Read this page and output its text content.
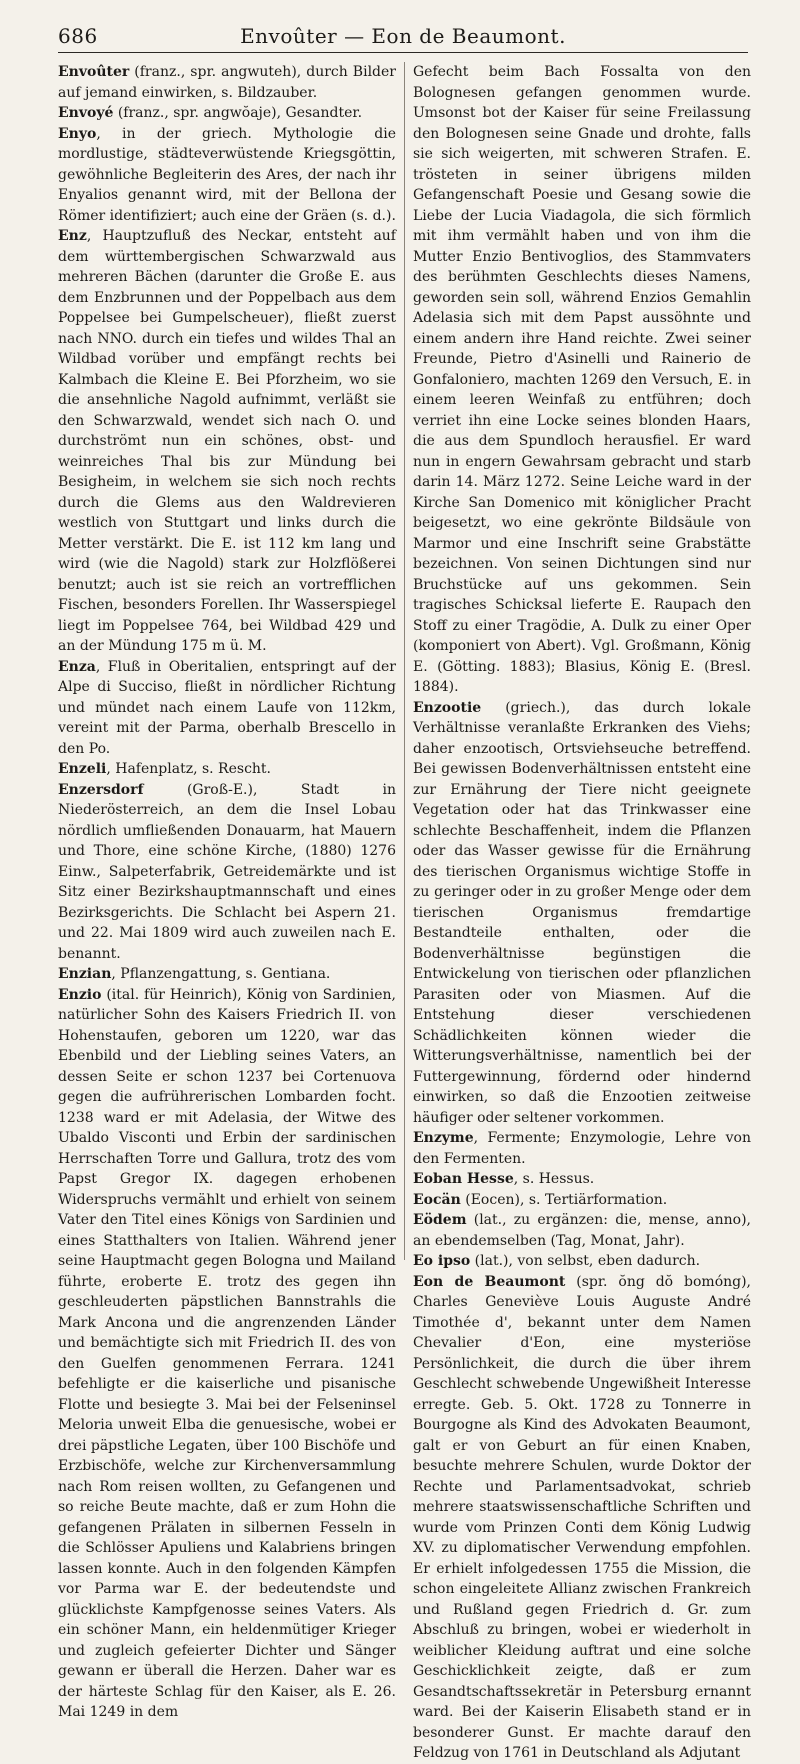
686	Envoûter — Eon de Beaumont.

Envoûter (franz., spr. angwuteh), durch Bilder auf jemand einwirken, s. Bildzauber.

Envoyé (franz., spr. angwŏaje), Gesandter.

Enyo, in der griech. Mythologie die mordlustige, städteverwüstende Kriegsgöttin, gewöhnliche Begleiterin des Ares, der nach ihr Enyalios genannt wird, mit der Bellona der Römer identifiziert; auch eine der Gräen (s. d.).

Enz, Hauptzufluß des Neckar, entsteht auf dem württembergischen Schwarzwald aus mehreren Bächen (darunter die Große E. aus dem Enzbrunnen und der Poppelbach aus dem Poppelsee bei Gumpelscheuer), fließt zuerst nach NNO. durch ein tiefes und wildes Thal an Wildbad vorüber und empfängt rechts bei Kalmbach die Kleine E. Bei Pforzheim, wo sie die ansehnliche Nagold aufnimmt, verläßt sie den Schwarzwald, wendet sich nach O. und durchströmt nun ein schönes, obst- und weinreiches Thal bis zur Mündung bei Besigheim, in welchem sie sich noch rechts durch die Glems aus den Waldrevieren westlich von Stuttgart und links durch die Metter verstärkt. Die E. ist 112 km lang und wird (wie die Nagold) stark zur Holzflößerei benutzt; auch ist sie reich an vortrefflichen Fischen, besonders Forellen. Ihr Wasserspiegel liegt im Poppelsee 764, bei Wildbad 429 und an der Mündung 175 m ü. M.

Enza, Fluß in Oberitalien, entspringt auf der Alpe di Succiso, fließt in nördlicher Richtung und mündet nach einem Laufe von 112km, vereint mit der Parma, oberhalb Brescello in den Po.

Enzeli, Hafenplatz, s. Rescht.

Enzersdorf (Groß-E.), Stadt in Niederösterreich, an dem die Insel Lobau nördlich umfließenden Donauarm, hat Mauern und Thore, eine schöne Kirche, (1880) 1276 Einw., Salpeterfabrik, Getreidemärkte und ist Sitz einer Bezirkshauptmannschaft und eines Bezirksgerichts. Die Schlacht bei Aspern 21. und 22. Mai 1809 wird auch zuweilen nach E. benannt.

Enzian, Pflanzengattung, s. Gentiana.

Enzio (ital. für Heinrich), König von Sardinien, natürlicher Sohn des Kaisers Friedrich II. von Hohenstaufen, geboren um 1220, war das Ebenbild und der Liebling seines Vaters, an dessen Seite er schon 1237 bei Cortenuova gegen die aufrührerischen Lombarden focht. 1238 ward er mit Adelasia, der Witwe des Ubaldo Visconti und Erbin der sardinischen Herrschaften Torre und Gallura, trotz des vom Papst Gregor IX. dagegen erhobenen Widerspruchs vermählt und erhielt von seinem Vater den Titel eines Königs von Sardinien und eines Statthalters von Italien. Während jener seine Hauptmacht gegen Bologna und Mailand führte, eroberte E. trotz des gegen ihn geschleuderten päpstlichen Bannstrahls die Mark Ancona und die angrenzenden Länder und bemächtigte sich mit Friedrich II. des von den Guelfen genommenen Ferrara. 1241 befehligte er die kaiserliche und pisanische Flotte und besiegte 3. Mai bei der Felseninsel Meloria unweit Elba die genuesische, wobei er drei päpstliche Legaten, über 100 Bischöfe und Erzbischöfe, welche zur Kirchenversammlung nach Rom reisen wollten, zu Gefangenen und so reiche Beute machte, daß er zum Hohn die gefangenen Prälaten in silbernen Fesseln in die Schlösser Apuliens und Kalabriens bringen lassen konnte. Auch in den folgenden Kämpfen vor Parma war E. der bedeutendste und glücklichste Kampfgenosse seines Vaters. Als ein schöner Mann, ein heldenmütiger Krieger und zugleich gefeierter Dichter und Sänger gewann er überall die Herzen. Daher war es der härteste Schlag für den Kaiser, als E. 26. Mai 1249 in dem

Gefecht beim Bach Fossalta von den Bolognesen gefangen genommen wurde. Umsonst bot der Kaiser für seine Freilassung den Bolognesen seine Gnade und drohte, falls sie sich weigerten, mit schweren Strafen. E. trösteten in seiner übrigens milden Gefangenschaft Poesie und Gesang sowie die Liebe der Lucia Viadagola, die sich förmlich mit ihm vermählt haben und von ihm die Mutter Enzio Bentivoglios, des Stammvaters des berühmten Geschlechts dieses Namens, geworden sein soll, während Enzios Gemahlin Adelasia sich mit dem Papst aussöhnte und einem andern ihre Hand reichte. Zwei seiner Freunde, Pietro d'Asinelli und Rainerio de Gonfaloniero, machten 1269 den Versuch, E. in einem leeren Weinfaß zu entführen; doch verriet ihn eine Locke seines blonden Haars, die aus dem Spundloch herausfiel. Er ward nun in engern Gewahrsam gebracht und starb darin 14. März 1272. Seine Leiche ward in der Kirche San Domenico mit königlicher Pracht beigesetzt, wo eine gekrönte Bildsäule von Marmor und eine Inschrift seine Grabstätte bezeichnen. Von seinen Dichtungen sind nur Bruchstücke auf uns gekommen. Sein tragisches Schicksal lieferte E. Raupach den Stoff zu einer Tragödie, A. Dulk zu einer Oper (komponiert von Abert). Vgl. Großmann, König E. (Götting. 1883); Blasius, König E. (Bresl. 1884).

Enzootie (griech.), das durch lokale Verhältnisse veranlaßte Erkranken des Viehs; daher enzootisch, Ortsviehseuche betreffend. Bei gewissen Bodenverhältnissen entsteht eine zur Ernährung der Tiere nicht geeignete Vegetation oder hat das Trinkwasser eine schlechte Beschaffenheit, indem die Pflanzen oder das Wasser gewisse für die Ernährung des tierischen Organismus wichtige Stoffe in zu geringer oder in zu großer Menge oder dem tierischen Organismus fremdartige Bestandteile enthalten, oder die Bodenverhältnisse begünstigen die Entwickelung von tierischen oder pflanzlichen Parasiten oder von Miasmen. Auf die Entstehung dieser verschiedenen Schädlichkeiten können wieder die Witterungsverhältnisse, namentlich bei der Futtergewinnung, fördernd oder hindernd einwirken, so daß die Enzootien zeitweise häufiger oder seltener vorkommen.

Enzyme, Fermente; Enzymologie, Lehre von den Fermenten.

Eoban Hesse, s. Hessus.

Eocän (Eocen), s. Tertiärformation.

Eödem (lat., zu ergänzen: die, mense, anno), an ebendemselben (Tag, Monat, Jahr).

Eo ipso (lat.), von selbst, eben dadurch.

Eon de Beaumont (spr. ŏng dŏ bomóng), Charles Geneviève Louis Auguste André Timothée d', bekannt unter dem Namen Chevalier d'Eon, eine mysteriöse Persönlichkeit, die durch die über ihrem Geschlecht schwebende Ungewißheit Interesse erregte. Geb. 5. Okt. 1728 zu Tonnerre in Bourgogne als Kind des Advokaten Beaumont, galt er von Geburt an für einen Knaben, besuchte mehrere Schulen, wurde Doktor der Rechte und Parlamentsadvokat, schrieb mehrere staatswissenschaftliche Schriften und wurde vom Prinzen Conti dem König Ludwig XV. zu diplomatischer Verwendung empfohlen. Er erhielt infolgedessen 1755 die Mission, die schon eingeleitete Allianz zwischen Frankreich und Rußland gegen Friedrich d. Gr. zum Abschluß zu bringen, wobei er wiederholt in weiblicher Kleidung auftrat und eine solche Geschicklichkeit zeigte, daß er zum Gesandtschaftssekretär in Petersburg ernannt ward. Bei der Kaiserin Elisabeth stand er in besonderer Gunst. Er machte darauf den Feldzug von 1761 in Deutschland als Adjutant
